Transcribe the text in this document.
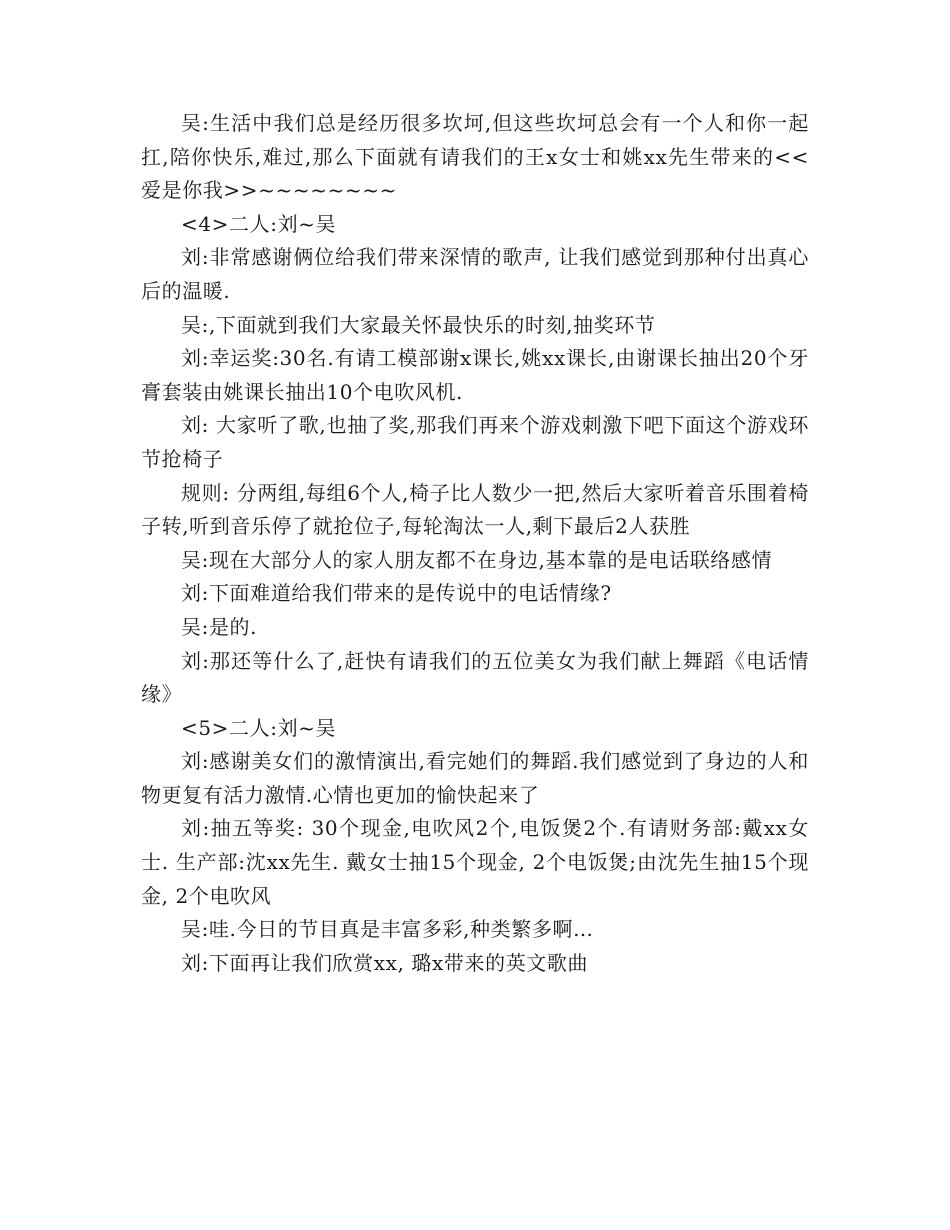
吴:生活中我们总是经历很多坎坷,但这些坎坷总会有一个人和你一起扛,陪你快乐,难过,那么下面就有请我们的王x女士和姚xx先生带来的<<爱是你我>>~~~~~~~~

<4>二人:刘~吴

刘:非常感谢俩位给我们带来深情的歌声, 让我们感觉到那种付出真心后的温暖.

吴:,下面就到我们大家最关怀最快乐的时刻,抽奖环节

刘:幸运奖:30名.有请工模部谢x课长,姚xx课长,由谢课长抽出20个牙膏套装由姚课长抽出10个电吹风机.

刘: 大家听了歌,也抽了奖,那我们再来个游戏刺激下吧下面这个游戏环节抢椅子

规则: 分两组,每组6个人,椅子比人数少一把,然后大家听着音乐围着椅子转,听到音乐停了就抢位子,每轮淘汰一人,剩下最后2人获胜

吴:现在大部分人的家人朋友都不在身边,基本靠的是电话联络感情

刘:下面难道给我们带来的是传说中的电话情缘?

吴:是的.

刘:那还等什么了,赶快有请我们的五位美女为我们献上舞蹈《电话情缘》

<5>二人:刘~吴

刘:感谢美女们的激情演出,看完她们的舞蹈.我们感觉到了身边的人和物更复有活力激情.心情也更加的愉快起来了

刘:抽五等奖: 30个现金,电吹风2个,电饭煲2个.有请财务部:戴xx女士. 生产部:沈xx先生. 戴女士抽15个现金, 2个电饭煲;由沈先生抽15个现金, 2个电吹风

吴:哇.今日的节目真是丰富多彩,种类繁多啊…

刘:下面再让我们欣赏xx, 璐x带来的英文歌曲
